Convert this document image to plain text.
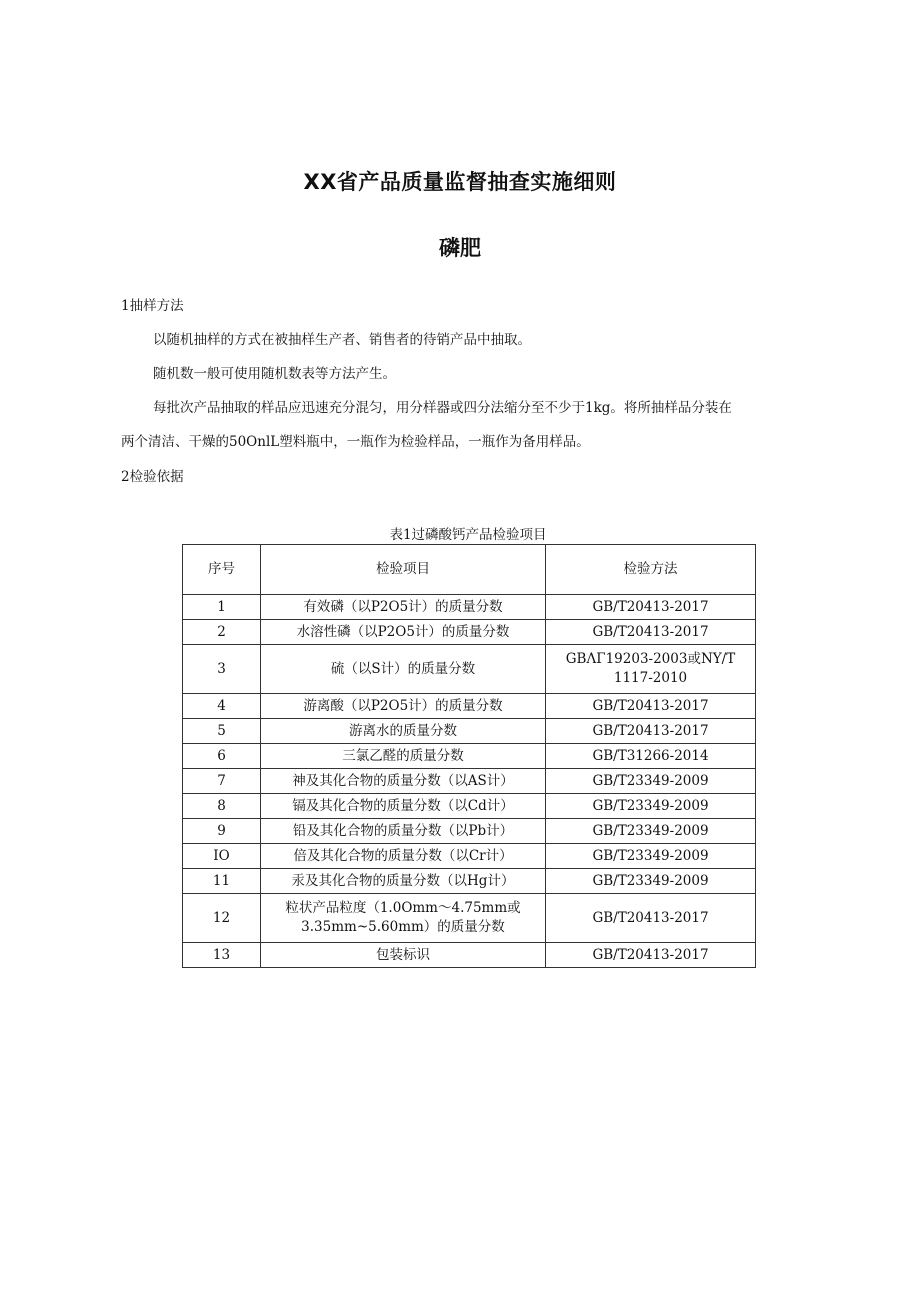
XX省产品质量监督抽查实施细则
磷肥
1抽样方法
以随机抽样的方式在被抽样生产者、销售者的待销产品中抽取。
随机数一般可使用随机数表等方法产生。
每批次产品抽取的样品应迅速充分混匀，用分样器或四分法缩分至不少于1kg。将所抽样品分装在
两个清洁、干燥的50OnlL塑料瓶中，一瓶作为检验样品，一瓶作为备用样品。
2检验依据
表1过磷酸钙产品检验项目
序号	检验项目	检验方法
1	有效磷（以P2O5计）的质量分数	GB/T20413-2017
2	水溶性磷（以P2O5计）的质量分数	GB/T20413-2017
3	硫（以S计）的质量分数	GBΛΓ19203-2003或NY/T
1117-2010

4	游离酸（以P2O5计）的质量分数	GB/T20413-2017
5	游离水的质量分数	GB/T20413-2017
6	三氯乙醛的质量分数	GB/T31266-2014
7	神及其化合物的质量分数（以AS计）	GB/T23349-2009
8	镉及其化合物的质量分数（以Cd计）	GB/T23349-2009
9	铅及其化合物的质量分数（以Pb计）	GB/T23349-2009
IO	倍及其化合物的质量分数（以Cr计）	GB/T23349-2009
11	汞及其化合物的质量分数（以Hg计）	GB/T23349-2009
12	粒状产品粒度（1.0Omm～4.75mm或
3.35mm~5.60mm）的质量分数	GB/T20413-2017
13	包装标识	GB/T20413-2017
